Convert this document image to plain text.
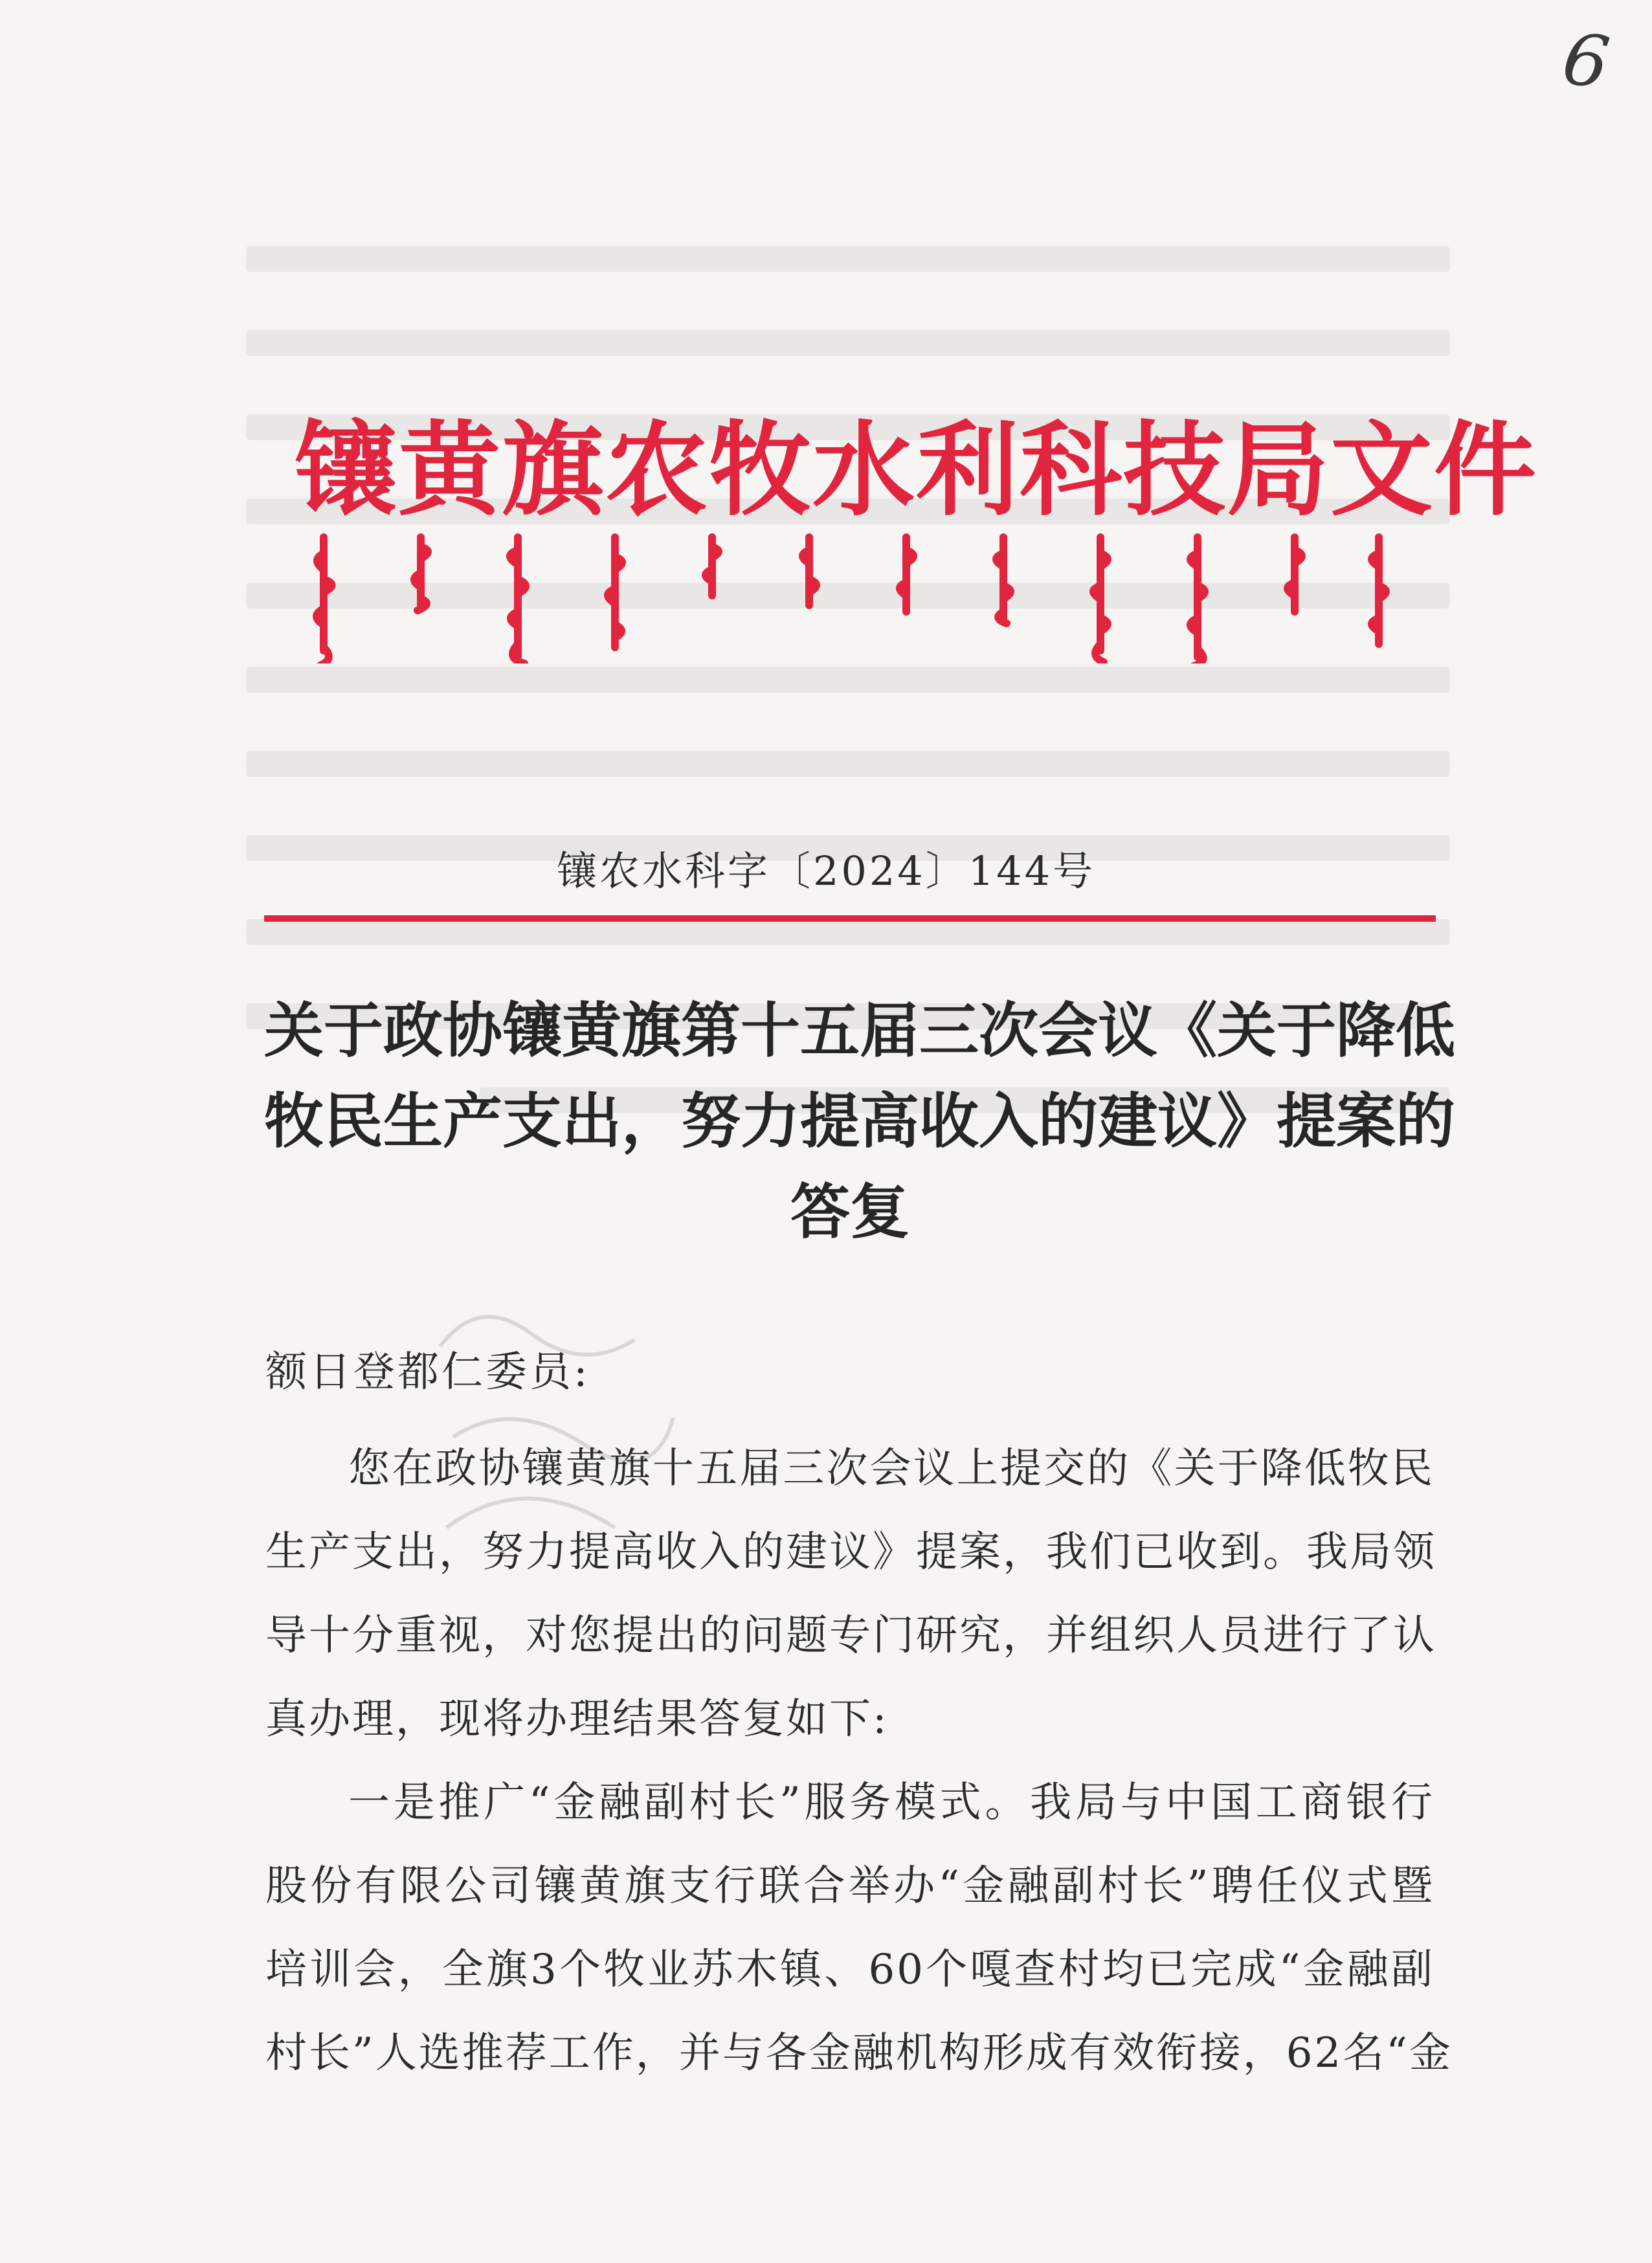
6
镶黄旗农牧水利科技局文件
镶农水科字〔2024〕144号
关于政协镶黄旗第十五届三次会议《关于降低
牧民生产支出，努力提高收入的建议》提案的
答复
额日登都仁委员:
您在政协镶黄旗十五届三次会议上提交的《关于降低牧民
生产支出，努力提高收入的建议》提案，我们已收到。我局领
导十分重视，对您提出的问题专门研究，并组织人员进行了认
真办理，现将办理结果答复如下:
一是推广“金融副村长”服务模式。我局与中国工商银行
股份有限公司镶黄旗支行联合举办“金融副村长”聘任仪式暨
培训会，全旗3个牧业苏木镇、60个嘎查村均已完成“金融副
村长”人选推荐工作，并与各金融机构形成有效衔接，62名“金
